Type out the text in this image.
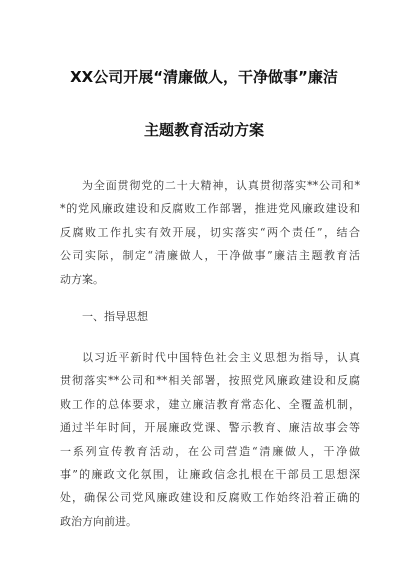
XX公司开展“清廉做人，干净做事”廉洁
主题教育活动方案
为全面贯彻党的二十大精神，认真贯彻落实**公司和*
*的党风廉政建设和反腐败工作部署，推进党风廉政建设和
反腐败工作扎实有效开展，切实落实“两个责任”，结合
公司实际，制定“清廉做人，干净做事”廉洁主题教育活
动方案。
一、指导思想
以习近平新时代中国特色社会主义思想为指导，认真
贯彻落实**公司和**相关部署，按照党风廉政建设和反腐
败工作的总体要求，建立廉洁教育常态化、全覆盖机制，
通过半年时间，开展廉政党课、警示教育、廉洁故事会等
一系列宣传教育活动，在公司营造“清廉做人，干净做
事”的廉政文化氛围，让廉政信念扎根在干部员工思想深
处，确保公司党风廉政建设和反腐败工作始终沿着正确的
政治方向前进。
